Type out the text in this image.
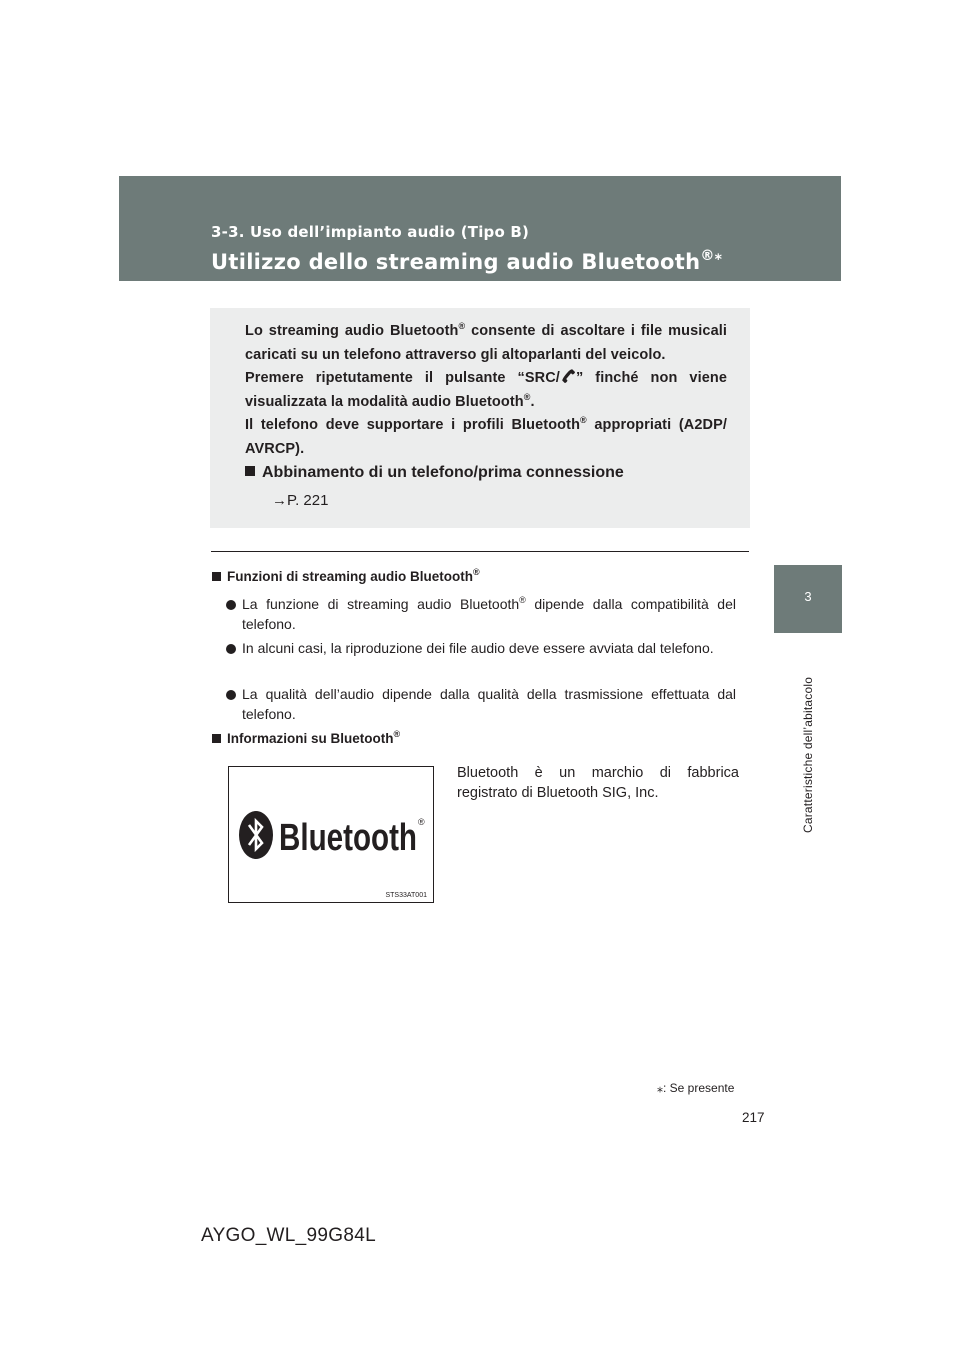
3-3. Uso dell’impianto audio (Tipo B)
Utilizzo dello streaming audio Bluetooth®⁎
3
Caratteristiche dell’abitacolo

Lo streaming audio Bluetooth® consente di ascoltare i file musicali caricati su un telefono attraverso gli altoparlanti del veicolo.

Premere ripetutamente il pulsante “SRC/ ” finché non viene visualizzata la modalità audio Bluetooth®.

Il telefono deve supportare i profili Bluetooth® appropriati (A2DP/ AVRCP).

Abbinamento di un telefono/prima connessione
→P. 221
Funzioni di streaming audio Bluetooth®
La funzione di streaming audio Bluetooth® dipende dalla compatibilità del telefono.
In alcuni casi, la riproduzione dei file audio deve essere avviata dal telefono.
La qualità dell’audio dipende dalla qualità della trasmissione effettuata dal telefono.
Informazioni su Bluetooth®
Bluetooth ®
STS33AT001
Bluetooth è un marchio di fabbrica registrato di Bluetooth SIG, Inc.
⁎: Se presente
217
AYGO_WL_99G84L
